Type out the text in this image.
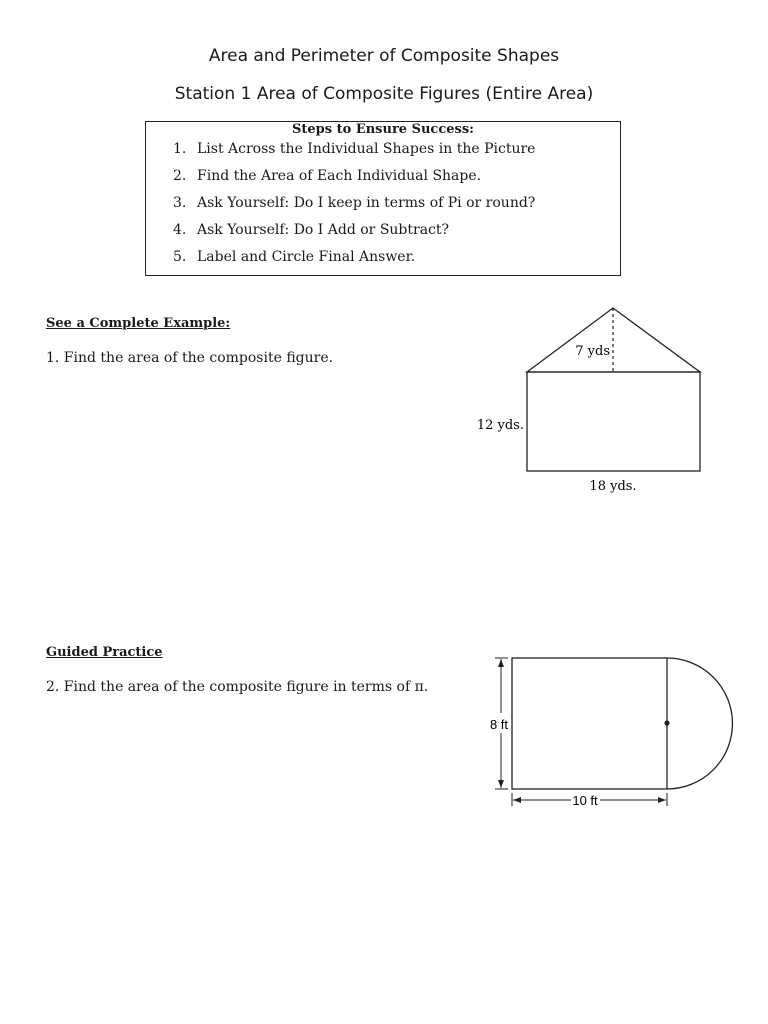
Area and Perimeter of Composite Shapes
Station 1 Area of Composite Figures (Entire Area)
Steps to Ensure Success:
1. List Across the Individual Shapes in the Picture
2. Find the Area of Each Individual Shape.
3. Ask Yourself: Do I keep in terms of Pi or round?
4. Ask Yourself: Do I Add or Subtract?
5. Label and Circle Final Answer.
See a Complete Example:
1. Find the area of the composite figure.	7 yds
12 yds.
18 yds.
Guided Practice
2. Find the area of the composite figure in terms of π.
8 ft
10 ft
